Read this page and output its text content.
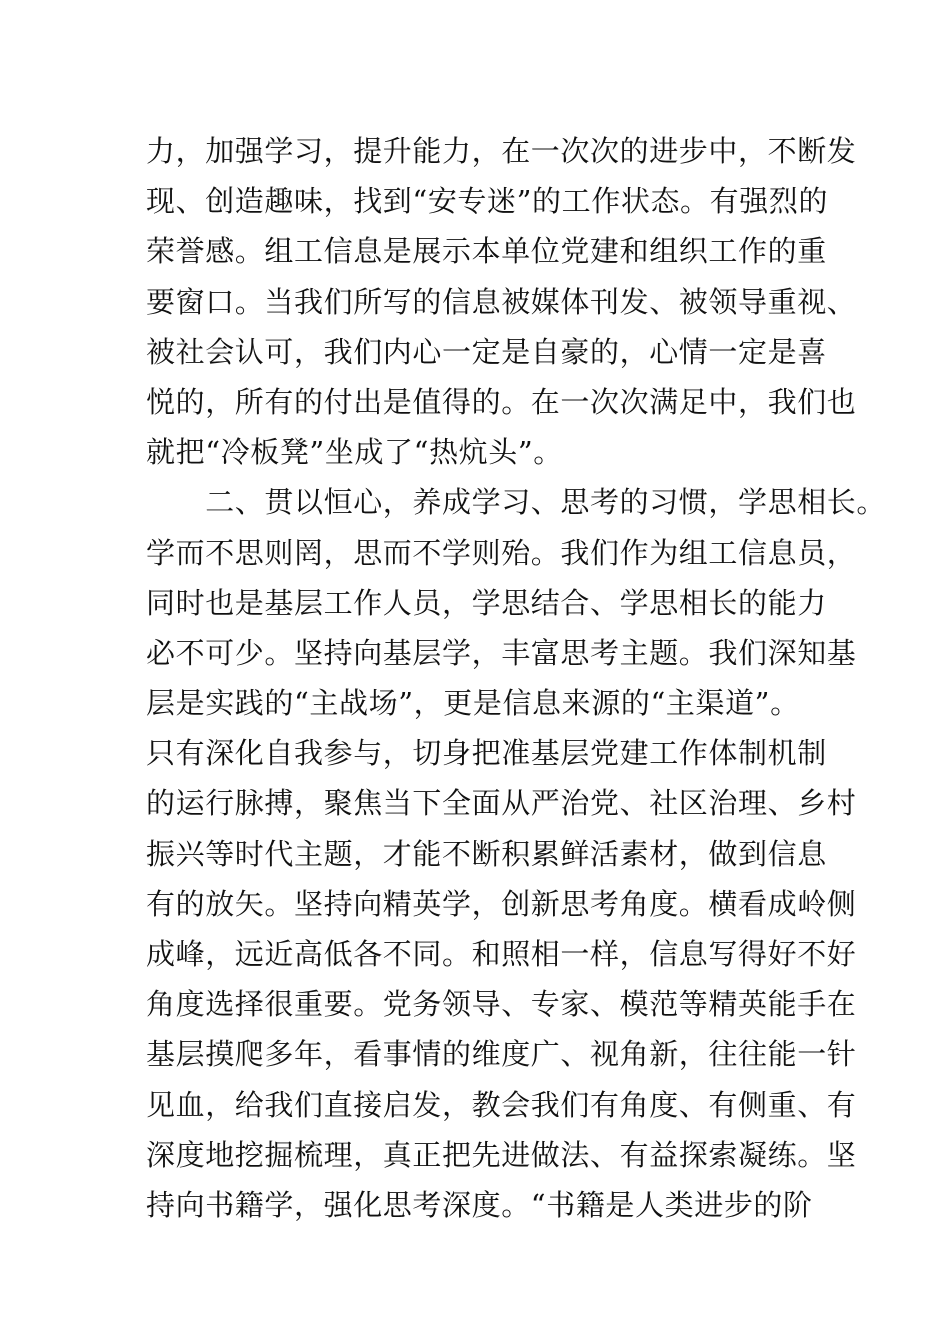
力，加强学习，提升能力，在一次次的进步中，不断发
现、创造趣味，找到“安专迷”的工作状态。有强烈的
荣誉感。组工信息是展示本单位党建和组织工作的重
要窗口。当我们所写的信息被媒体刊发、被领导重视、
被社会认可，我们内心一定是自豪的，心情一定是喜
悦的，所有的付出是值得的。在一次次满足中，我们也
就把“冷板凳”坐成了“热炕头”。
　　二、贯以恒心，养成学习、思考的习惯，学思相长。
学而不思则罔，思而不学则殆。我们作为组工信息员，
同时也是基层工作人员，学思结合、学思相长的能力
必不可少。坚持向基层学，丰富思考主题。我们深知基
层是实践的“主战场”，更是信息来源的“主渠道”。
只有深化自我参与，切身把准基层党建工作体制机制
的运行脉搏，聚焦当下全面从严治党、社区治理、乡村
振兴等时代主题，才能不断积累鲜活素材，做到信息
有的放矢。坚持向精英学，创新思考角度。横看成岭侧
成峰，远近高低各不同。和照相一样，信息写得好不好
角度选择很重要。党务领导、专家、模范等精英能手在
基层摸爬多年，看事情的维度广、视角新，往往能一针
见血，给我们直接启发，教会我们有角度、有侧重、有
深度地挖掘梳理，真正把先进做法、有益探索凝练。坚
持向书籍学，强化思考深度。“书籍是人类进步的阶
